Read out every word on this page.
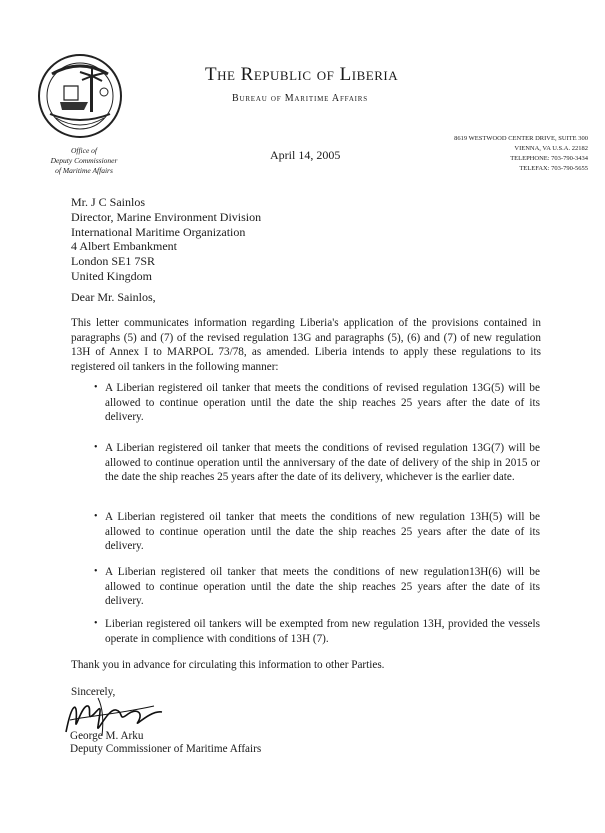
The Republic of Liberia
Bureau of Maritime Affairs
Office of
Deputy Commissioner
of Maritime Affairs
April 14, 2005
8619 WESTWOOD CENTER DRIVE, SUITE 300
VIENNA, VA U.S.A. 22182
TELEPHONE: 703-790-3434
TELEFAX: 703-790-5655
Mr. J C Sainlos
Director, Marine Environment Division
International Maritime Organization
4 Albert Embankment
London SE1 7SR
United Kingdom
Dear Mr. Sainlos,
This letter communicates information regarding Liberia's application of the provisions contained in paragraphs (5) and (7) of the revised regulation 13G and paragraphs (5), (6) and (7) of new regulation 13H of Annex I to MARPOL 73/78, as amended. Liberia intends to apply these regulations to its registered oil tankers in the following manner:
• A Liberian registered oil tanker that meets the conditions of revised regulation 13G(5) will be allowed to continue operation until the date the ship reaches 25 years after the date of its delivery.
• A Liberian registered oil tanker that meets the conditions of revised regulation 13G(7) will be allowed to continue operation until the anniversary of the date of delivery of the ship in 2015 or the date the ship reaches 25 years after the date of its delivery, whichever is the earlier date.
• A Liberian registered oil tanker that meets the conditions of new regulation 13H(5) will be allowed to continue operation until the date the ship reaches 25 years after the date of its delivery.
• A Liberian registered oil tanker that meets the conditions of new regulation13H(6) will be allowed to continue operation until the date the ship reaches 25 years after the date of its delivery.
• Liberian registered oil tankers will be exempted from new regulation 13H, provided the vessels operate in complience with conditions of 13H (7).
Thank you in advance for circulating this information to other Parties.
Sincerely,
George M. Arku
Deputy Commissioner of Maritime Affairs
